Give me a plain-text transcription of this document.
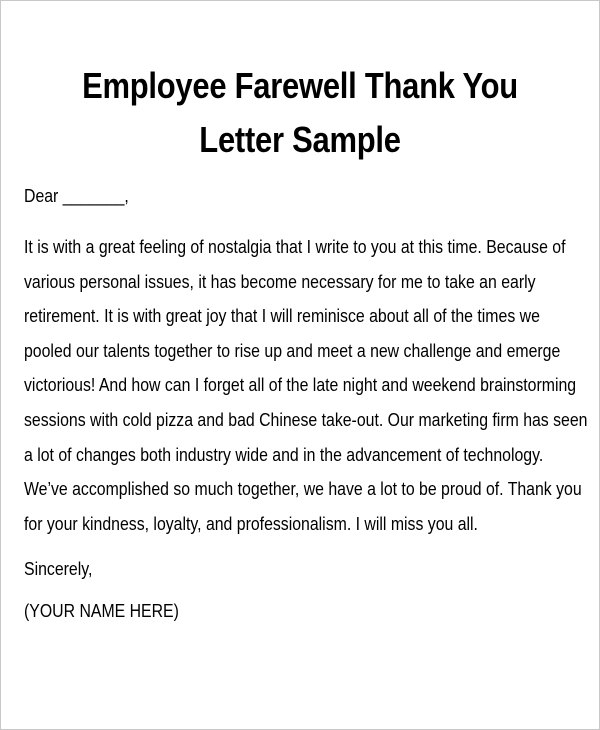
Employee Farewell Thank You
Letter Sample
Dear _______,
It is with a great feeling of nostalgia that I write to you at this time. Because of
various personal issues, it has become necessary for me to take an early
retirement. It is with great joy that I will reminisce about all of the times we
pooled our talents together to rise up and meet a new challenge and emerge
victorious! And how can I forget all of the late night and weekend brainstorming
sessions with cold pizza and bad Chinese take-out. Our marketing firm has seen
a lot of changes both industry wide and in the advancement of technology.
We’ve accomplished so much together, we have a lot to be proud of. Thank you
for your kindness, loyalty, and professionalism. I will miss you all.
Sincerely,
(YOUR NAME HERE)
